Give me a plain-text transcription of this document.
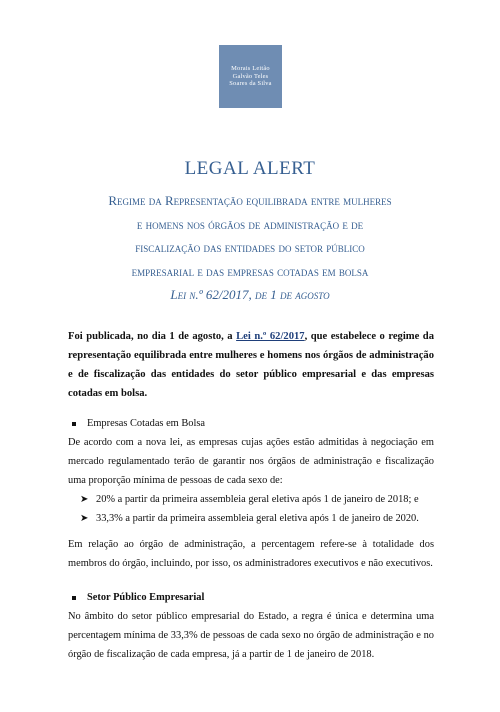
Morais Leitão
Galvão Teles
Soares da Silva
LEGAL ALERT
Regime da Representação equilibrada entre mulheres
e homens nos órgãos de administração e de
fiscalização das entidades do setor público
empresarial e das empresas cotadas em bolsa
Lei n.º 62/2017, de 1 de agosto

Foi publicada, no dia 1 de agosto, a Lei n.º 62/2017, que estabelece o regime da representação equilibrada entre mulheres e homens nos órgãos de administração e de fiscalização das entidades do setor público empresarial e das empresas cotadas em bolsa.

Empresas Cotadas em Bolsa

De acordo com a nova lei, as empresas cujas ações estão admitidas à negociação em mercado regulamentado terão de garantir nos órgãos de administração e fiscalização uma proporção mínima de pessoas de cada sexo de:

➤ 20% a partir da primeira assembleia geral eletiva após 1 de janeiro de 2018; e
➤ 33,3% a partir da primeira assembleia geral eletiva após 1 de janeiro de 2020.

Em relação ao órgão de administração, a percentagem refere-se à totalidade dos membros do órgão, incluindo, por isso, os administradores executivos e não executivos.

Setor Público Empresarial

No âmbito do setor público empresarial do Estado, a regra é única e determina uma percentagem mínima de 33,3% de pessoas de cada sexo no órgão de administração e no órgão de fiscalização de cada empresa, já a partir de 1 de janeiro de 2018.
